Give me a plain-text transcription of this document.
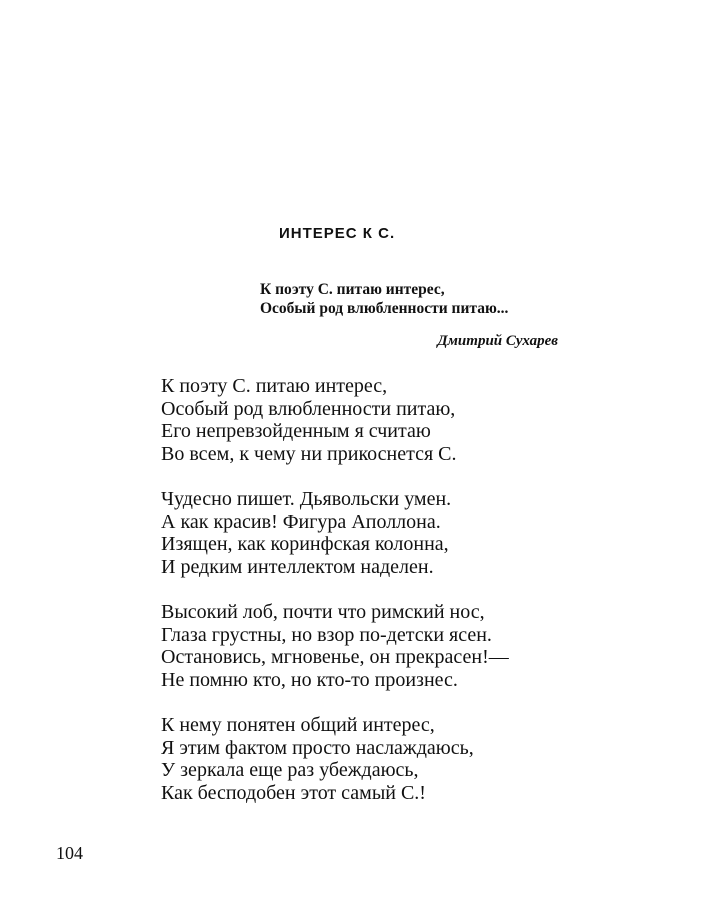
ИНТЕРЕС К С.
К поэту С. питаю интерес,
Особый род влюбленности питаю...
Дмитрий Сухарев
К поэту С. питаю интерес,
Особый род влюбленности питаю,
Его непревзойденным я считаю
Во всем, к чему ни прикоснется С.
Чудесно пишет. Дьявольски умен.
А как красив! Фигура Аполлона.
Изящен, как коринфская колонна,
И редким интеллектом наделен.
Высокий лоб, почти что римский нос,
Глаза грустны, но взор по-детски ясен.
Остановись, мгновенье, он прекрасен!—
Не помню кто, но кто-то произнес.
К нему понятен общий интерес,
Я этим фактом просто наслаждаюсь,
У зеркала еще раз убеждаюсь,
Как бесподобен этот самый С.!
104
